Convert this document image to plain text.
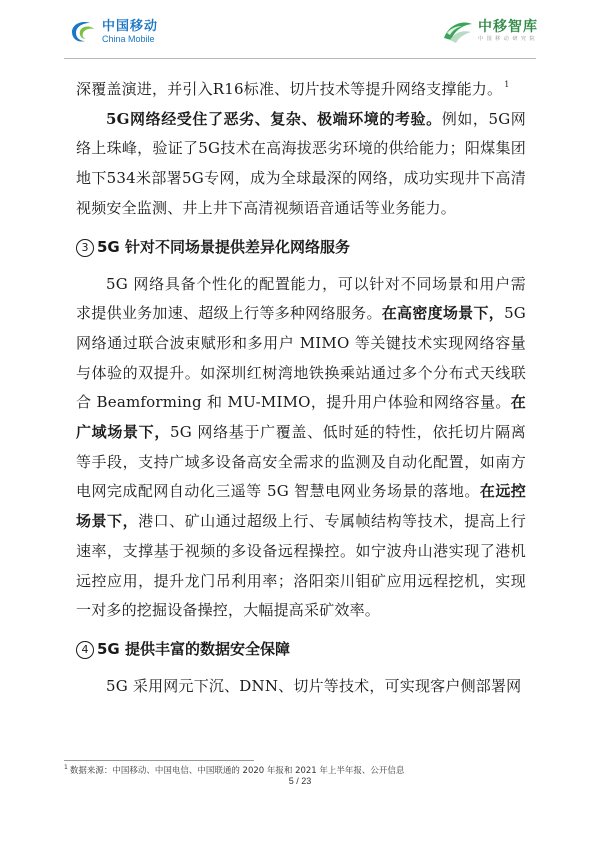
中国移动
China Mobile
中移智库
中 国 移 动 研 究 院

深覆盖演进，并引入R16标准、切片技术等提升网络支撑能力。 $^1$

5G网络经受住了恶劣、复杂、极端环境的考验。例如，5G网络上珠峰，验证了5G技术在高海拔恶劣环境的供给能力；阳煤集团地下534米部署5G专网，成为全球最深的网络，成功实现井下高清视频安全监测、井上井下高清视频语音通话等业务能力。

3 5G 针对不同场景提供差异化网络服务

5G 网络具备个性化的配置能力，可以针对不同场景和用户需求提供业务加速、超级上行等多种网络服务。在高密度场景下，5G 网络通过联合波束赋形和多用户 MIMO 等关键技术实现网络容量与体验的双提升。如深圳红树湾地铁换乘站通过多个分布式天线联合 Beamforming 和 MU-MIMO，提升用户体验和网络容量。在广域场景下，5G 网络基于广覆盖、低时延的特性，依托切片隔离等手段，支持广域多设备高安全需求的监测及自动化配置，如南方电网完成配网自动化三遥等 5G 智慧电网业务场景的落地。在远控场景下，港口、矿山通过超级上行、专属帧结构等技术，提高上行速率，支撑基于视频的多设备远程操控。如宁波舟山港实现了港机远控应用，提升龙门吊利用率；洛阳栾川钼矿应用远程挖机，实现一对多的挖掘设备操控，大幅提高采矿效率。

4 5G 提供丰富的数据安全保障

5G 采用网元下沉、DNN、切片等技术，可实现客户侧部署网

$^1$ 数据来源：中国移动、中国电信、中国联通的 2020 年报和 2021 年上半年报、公开信息
5 / 23
